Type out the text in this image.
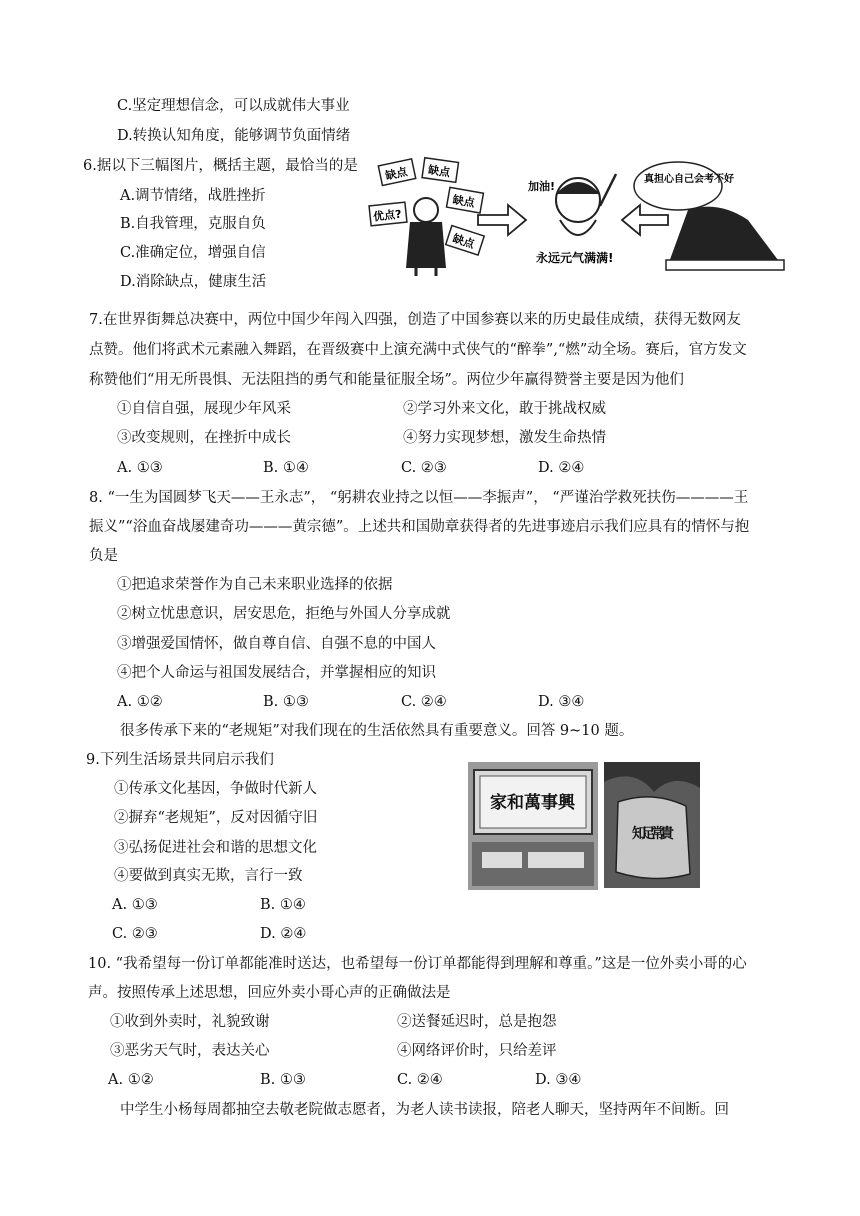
C.坚定理想信念，可以成就伟大事业
D.转换认知角度，能够调节负面情绪
6.据以下三幅图片，概括主题，最恰当的是
A.调节情绪，战胜挫折
B.自我管理，克服自负
C.准确定位，增强自信
D.消除缺点，健康生活
缺点 缺点
优点?
缺点
缺点
加油!
永远元气满满!
真担心自己会考不好
7.在世界街舞总决赛中，两位中国少年闯入四强，创造了中国参赛以来的历史最佳成绩，获得无数网友
点赞。他们将武术元素融入舞蹈，在晋级赛中上演充满中式侠气的“醉拳”,“燃”动全场。赛后，官方发文
称赞他们“用无所畏惧、无法阻挡的勇气和能量征服全场”。两位少年赢得赞誉主要是因为他们
①自信自强，展现少年风采	②学习外来文化，敢于挑战权威
③改变规则，在挫折中成长	④努力实现梦想，激发生命热情
A. ①③	B. ①④	C. ②③	D. ②④
8. “一生为国圆梦飞天——王永志”， “躬耕农业持之以恒——李振声”， “严谨治学救死扶伤————王
振义”“浴血奋战屡建奇功———黄宗德”。上述共和国勋章获得者的先进事迹启示我们应具有的情怀与抱
负是
①把追求荣誉作为自己未来职业选择的依据
②树立忧患意识，居安思危，拒绝与外国人分享成就
③增强爱国情怀，做自尊自信、自强不息的中国人
④把个人命运与祖国发展结合，并掌握相应的知识
A. ①②	B. ①③	C. ②④	D. ③④
很多传承下来的“老规矩”对我们现在的生活依然具有重要意义。回答 9~10 题。
9.下列生活场景共同启示我们
①传承文化基因，争做时代新人
②摒弃“老规矩”，反对因循守旧
③弘扬促进社会和谐的思想文化
④要做到真实无欺，言行一致
A. ①③	B. ①④
C. ②③	D. ②④
家和萬事興
知足常貴
10. “我希望每一份订单都能准时送达，也希望每一份订单都能得到理解和尊重。”这是一位外卖小哥的心
声。按照传承上述思想，回应外卖小哥心声的正确做法是
①收到外卖时，礼貌致谢	②送餐延迟时，总是抱怨
③恶劣天气时，表达关心	④网络评价时，只给差评
A. ①②	B. ①③	C. ②④	D. ③④
中学生小杨每周都抽空去敬老院做志愿者，为老人读书读报，陪老人聊天，坚持两年不间断。回
